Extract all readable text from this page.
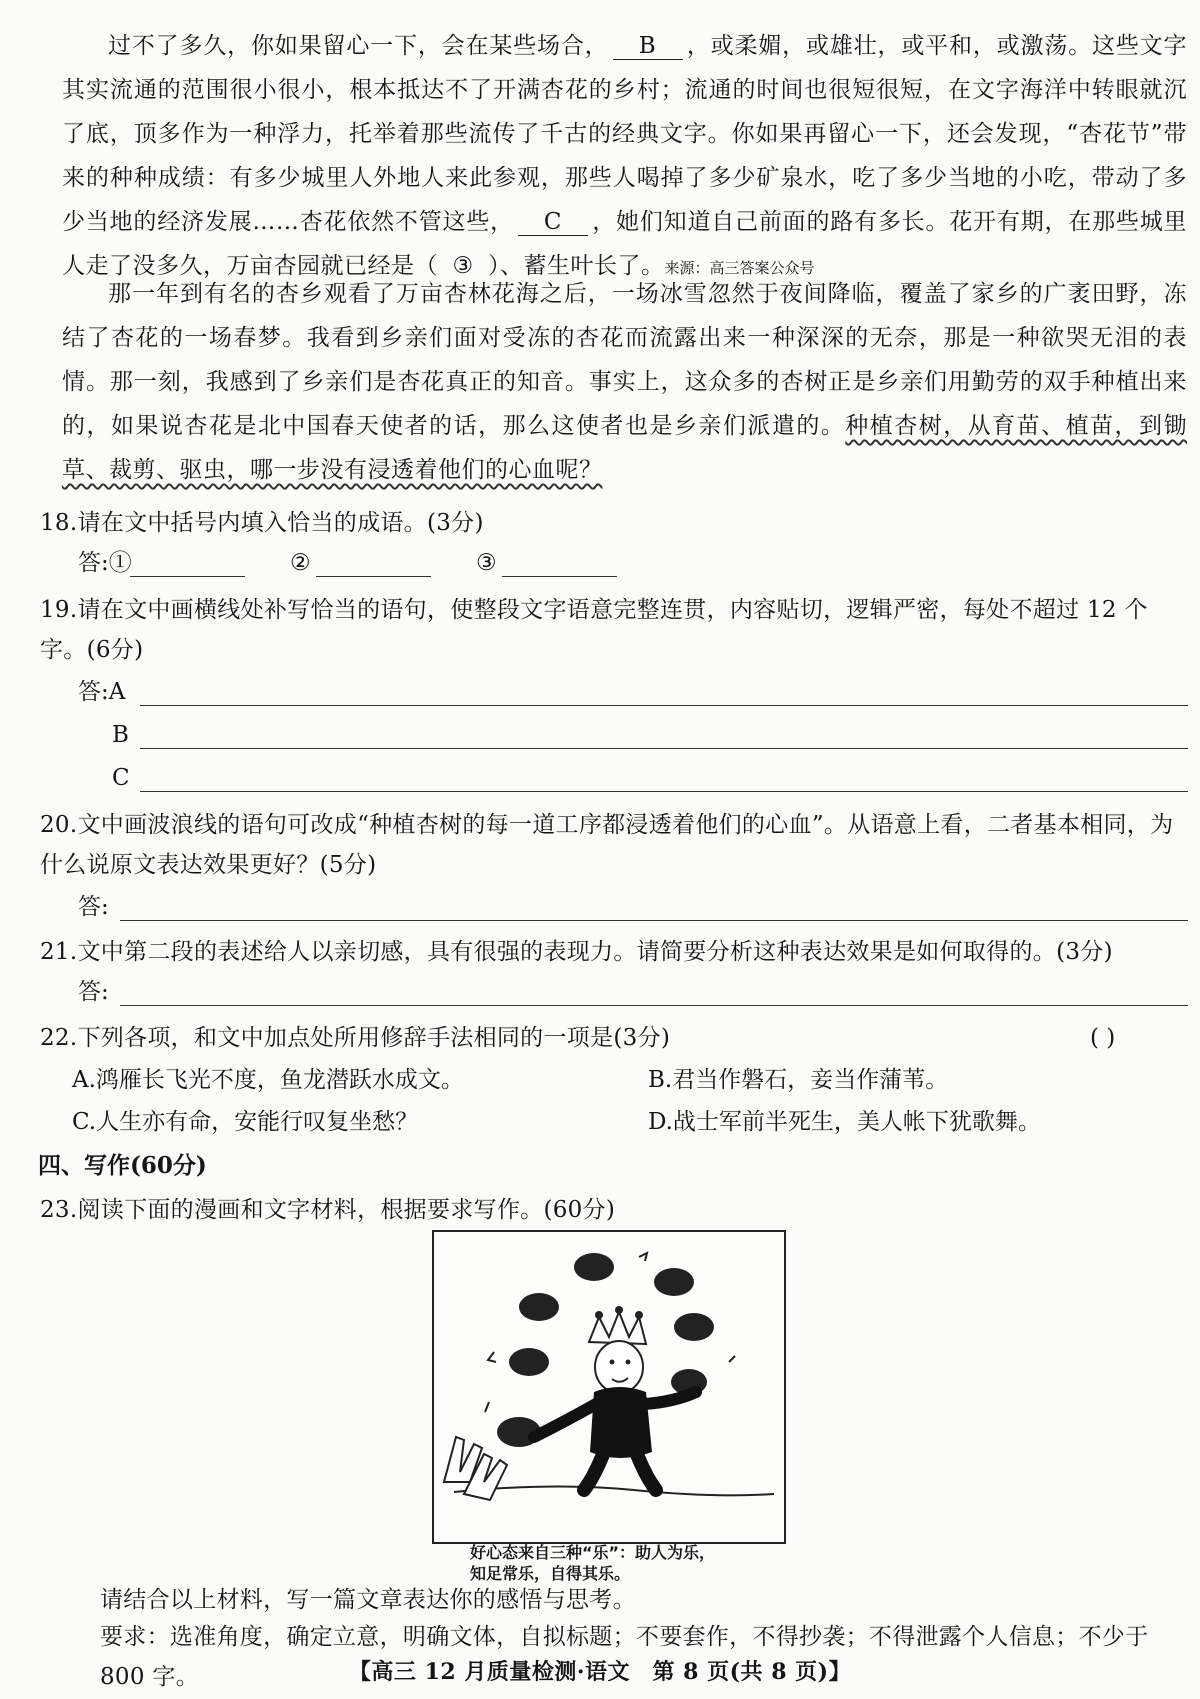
过不了多久，你如果留心一下，会在某些场合， B ，或柔媚，或雄壮，或平和，或激荡。这些文字其实流通的范围很小很小，根本抵达不了开满杏花的乡村；流通的时间也很短很短，在文字海洋中转眼就沉了底，顶多作为一种浮力，托举着那些流传了千古的经典文字。你如果再留心一下，还会发现，“杏花节”带来的种种成绩：有多少城里人外地人来此参观，那些人喝掉了多少矿泉水，吃了多少当地的小吃，带动了多少当地的经济发展……杏花依然不管这些， C ，她们知道自己前面的路有多长。花开有期，在那些城里人走了没多久，万亩杏园就已经是（ ③ ）、蓄生叶长了。来源：高三答案公众号

那一年到有名的杏乡观看了万亩杏林花海之后，一场冰雪忽然于夜间降临，覆盖了家乡的广袤田野，冻结了杏花的一场春梦。我看到乡亲们面对受冻的杏花而流露出来一种深深的无奈，那是一种欲哭无泪的表情。那一刻，我感到了乡亲们是杏花真正的知音。事实上，这众多的杏树正是乡亲们用勤劳的双手种植出来的，如果说杏花是北中国春天使者的话，那么这使者也是乡亲们派遣的。种植杏树，从育苗、植苗，到锄草、裁剪、驱虫，哪一步没有浸透着他们的心血呢？

18.请在文中括号内填入恰当的成语。(3分)

答:①	②	③

19.请在文中画横线处补写恰当的语句，使整段文字语意完整连贯，内容贴切，逻辑严密，每处不超过 12 个字。(6分)

答:A
B
C

20.文中画波浪线的语句可改成“种植杏树的每一道工序都浸透着他们的心血”。从语意上看，二者基本相同，为什么说原文表达效果更好？(5分)

答:

21.文中第二段的表述给人以亲切感，具有很强的表现力。请简要分析这种表达效果是如何取得的。(3分)

答:

22.下列各项，和文中加点处所用修辞手法相同的一项是(3分)	( )
A.鸿雁长飞光不度，鱼龙潜跃水成文。	B.君当作磐石，妾当作蒲苇。
C.人生亦有命，安能行叹复坐愁？	D.战士军前半死生，美人帐下犹歌舞。
四、写作(60分)

23.阅读下面的漫画和文字材料，根据要求写作。(60分)

好心态来自三种“乐”：助人为乐，
知足常乐，自得其乐。

请结合以上材料，写一篇文章表达你的感悟与思考。

要求：选准角度，确定立意，明确文体，自拟标题；不要套作，不得抄袭；不得泄露个人信息；不少于 800 字。	【高三 12 月质量检测·语文　第 8 页(共 8 页)】
